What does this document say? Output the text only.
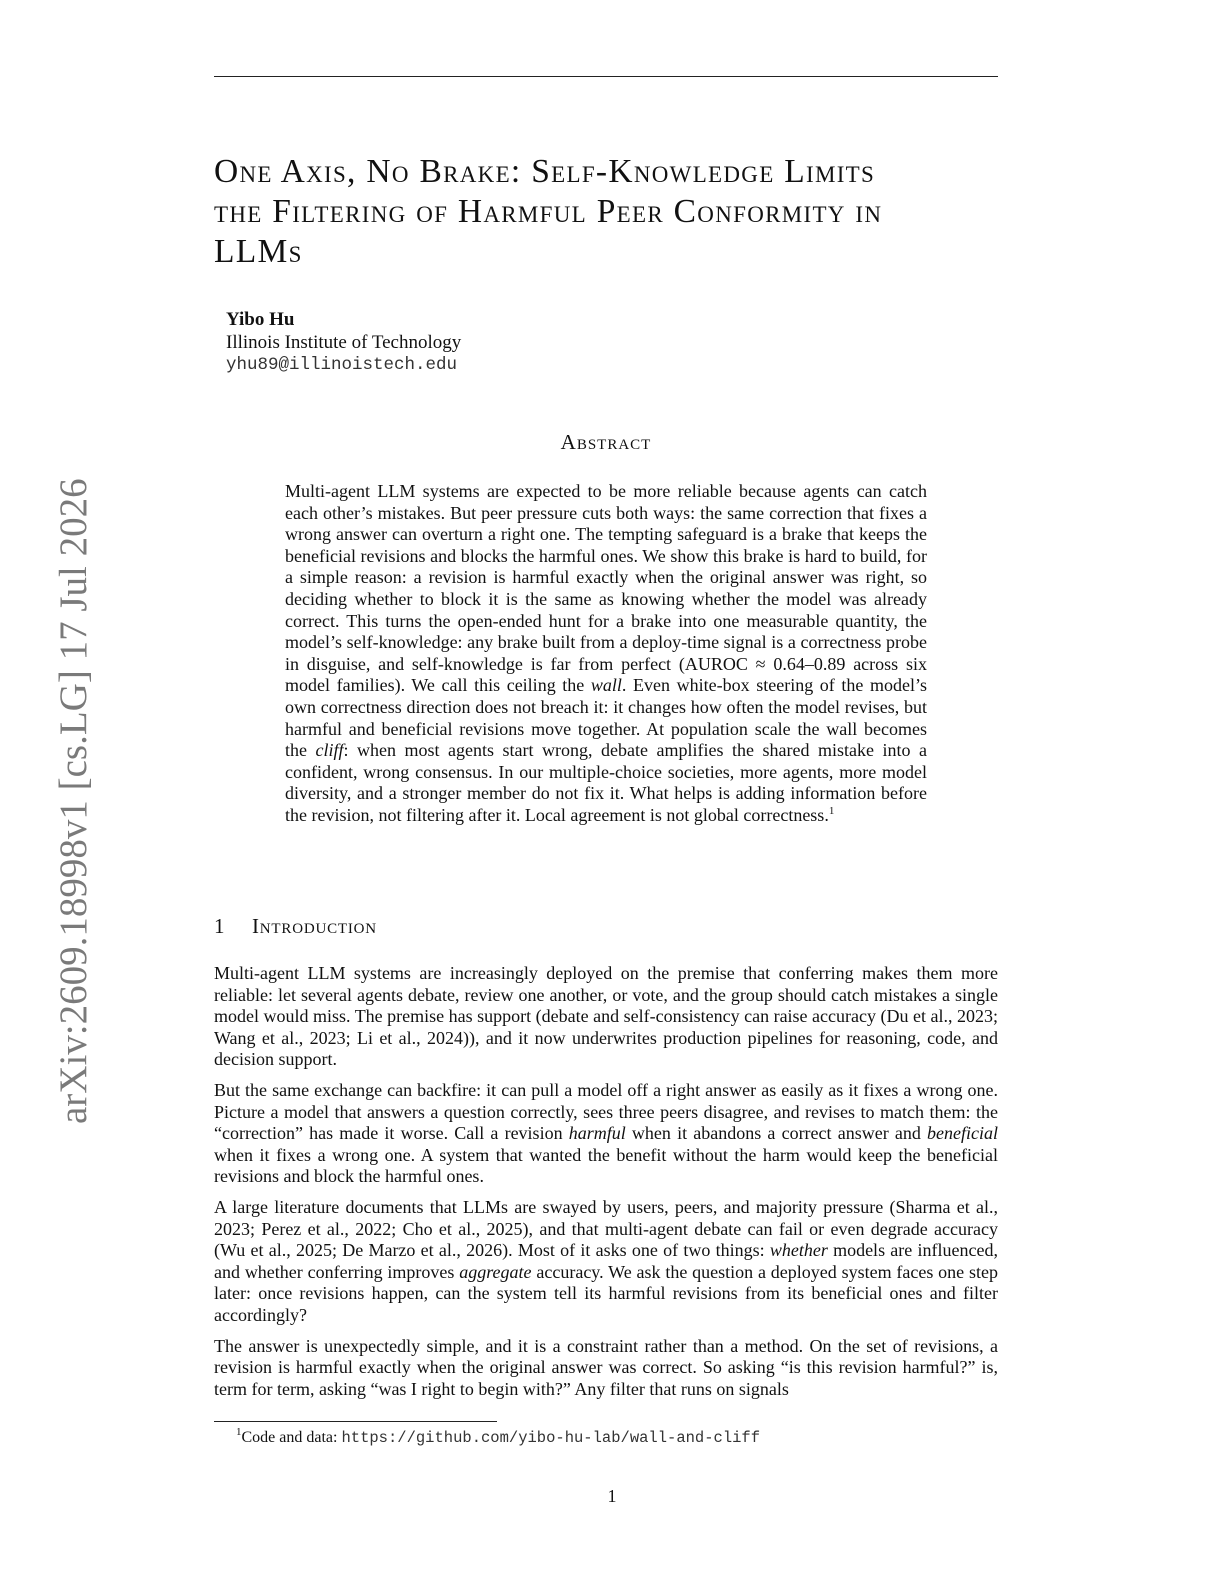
arXiv:2609.18998v1 [cs.LG] 17 Jul 2026
One Axis, No Brake: Self-Knowledge Limits
the Filtering of Harmful Peer Conformity in
LLMs
Yibo Hu
Illinois Institute of Technology
yhu89@illinoistech.edu
Abstract

Multi-agent LLM systems are expected to be more reliable because agents can catch each other’s mistakes. But peer pressure cuts both ways: the same correction that fixes a wrong answer can overturn a right one. The tempting safeguard is a brake that keeps the beneficial revisions and blocks the harmful ones. We show this brake is hard to build, for a simple reason: a revision is harmful exactly when the original answer was right, so deciding whether to block it is the same as knowing whether the model was already correct. This turns the open-ended hunt for a brake into one measurable quantity, the model’s self-knowledge: any brake built from a deploy-time signal is a correctness probe in disguise, and self-knowledge is far from perfect (AUROC ≈ 0.64–0.89 across six model families). We call this ceiling the wall. Even white-box steering of the model’s own correctness direction does not breach it: it changes how often the model revises, but harmful and beneficial revisions move together. At population scale the wall becomes the cliff: when most agents start wrong, debate amplifies the shared mistake into a confident, wrong consensus. In our multiple-choice societies, more agents, more model diversity, and a stronger member do not fix it. What helps is adding information before the revision, not filtering after it. Local agreement is not global correctness.$^1$

1 Introduction

Multi-agent LLM systems are increasingly deployed on the premise that conferring makes them more reliable: let several agents debate, review one another, or vote, and the group should catch mistakes a single model would miss. The premise has support (debate and self-consistency can raise accuracy (Du et al., 2023; Wang et al., 2023; Li et al., 2024)), and it now underwrites production pipelines for reasoning, code, and decision support.

But the same exchange can backfire: it can pull a model off a right answer as easily as it fixes a wrong one. Picture a model that answers a question correctly, sees three peers disagree, and revises to match them: the “correction” has made it worse. Call a revision harmful when it abandons a correct answer and beneficial when it fixes a wrong one. A system that wanted the benefit without the harm would keep the beneficial revisions and block the harmful ones.

A large literature documents that LLMs are swayed by users, peers, and majority pressure (Sharma et al., 2023; Perez et al., 2022; Cho et al., 2025), and that multi-agent debate can fail or even degrade accuracy (Wu et al., 2025; De Marzo et al., 2026). Most of it asks one of two things: whether models are influenced, and whether conferring improves aggregate accuracy. We ask the question a deployed system faces one step later: once revisions happen, can the system tell its harmful revisions from its beneficial ones and filter accordingly?

The answer is unexpectedly simple, and it is a constraint rather than a method. On the set of revisions, a revision is harmful exactly when the original answer was correct. So asking “is this revision harmful?” is, term for term, asking “was I right to begin with?” Any filter that runs on signals

$^1$Code and data: https://github.com/yibo-hu-lab/wall-and-cliff
1
